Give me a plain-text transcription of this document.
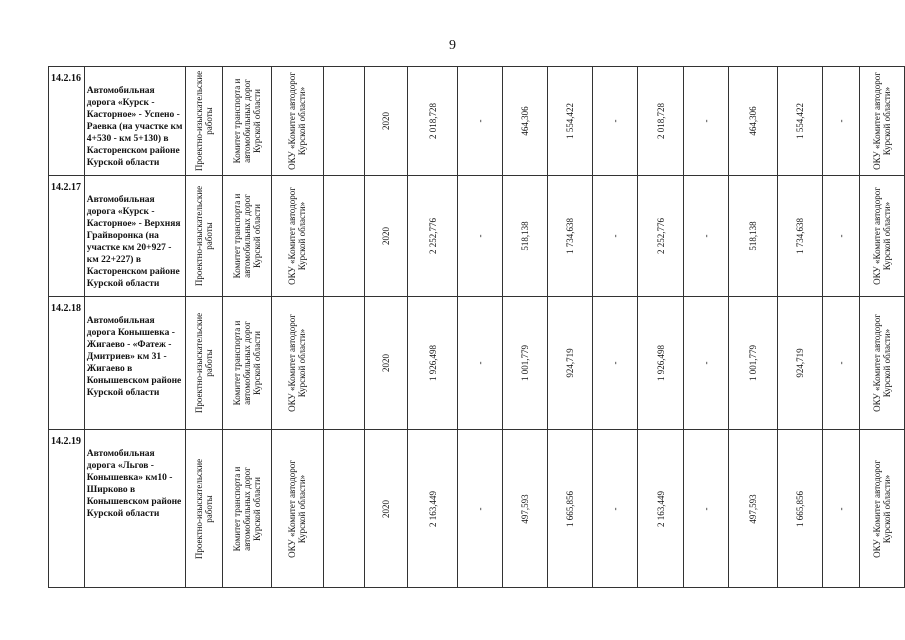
9
14.2.16	Автомобильная дорога «Курск - Касторное» - Успено - Раевка (на участке км 4+530 - км 5+130) в Касторенском районе Курской области	Проектно-изыскательские работы	Комитет транспорта и автомобильных дорог Курской области	ОКУ «Комитет автодорог Курской области»		2020	2 018,728	-	464,306	1 554,422	-	2 018,728	-	464,306	1 554,422	-	ОКУ «Комитет автодорог Курской области»

14.2.17	Автомобильная дорога «Курск - Касторное» - Верхняя Грайворонка (на участке км 20+927 - км 22+227) в Касторенском районе Курской области	Проектно-изыскательские работы	Комитет транспорта и автомобильных дорог Курской области	ОКУ «Комитет автодорог Курской области»		2020	2 252,776	-	518,138	1 734,638	-	2 252,776	-	518,138	1 734,638	-	ОКУ «Комитет автодорог Курской области»

14.2.18	Автомобильная дорога Конышевка - Жигаево - «Фатеж - Дмитриев» км 31 - Жигаево в Конышевском районе Курской области	Проектно-изыскательские работы	Комитет транспорта и автомобильных дорог Курской области	ОКУ «Комитет автодорог Курской области»		2020	1 926,498	-	1 001,779	924,719	-	1 926,498	-	1 001,779	924,719	-	ОКУ «Комитет автодорог Курской области»

14.2.19	Автомобильная дорога «Льгов - Конышевка» км10 - Ширково в Конышевском районе Курской области	Проектно-изыскательские работы	Комитет транспорта и автомобильных дорог Курской области	ОКУ «Комитет автодорог Курской области»		2020	2 163,449	-	497,593	1 665,856	-	2 163,449	-	497,593	1 665,856	-	ОКУ «Комитет автодорог Курской области»
